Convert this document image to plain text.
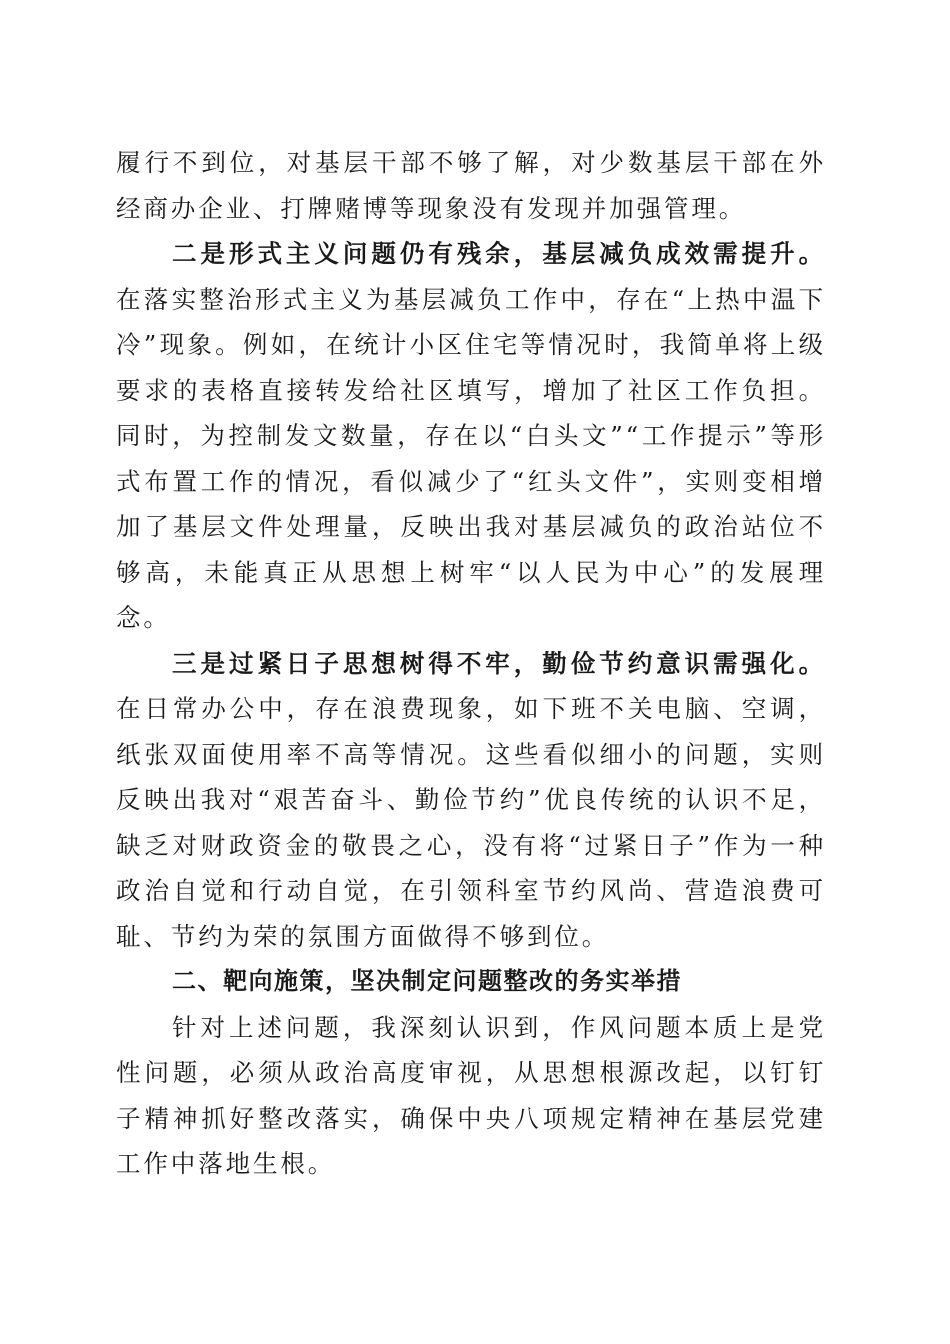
履行不到位，对基层干部不够了解，对少数基层干部在外经商办企业、打牌赌博等现象没有发现并加强管理。

二是形式主义问题仍有残余，基层减负成效需提升。在落实整治形式主义为基层减负工作中，存在“上热中温下冷”现象。例如，在统计小区住宅等情况时，我简单将上级要求的表格直接转发给社区填写，增加了社区工作负担。同时，为控制发文数量，存在以“白头文”“工作提示”等形式布置工作的情况，看似减少了“红头文件”，实则变相增加了基层文件处理量，反映出我对基层减负的政治站位不够高，未能真正从思想上树牢“以人民为中心”的发展理念。

三是过紧日子思想树得不牢，勤俭节约意识需强化。在日常办公中，存在浪费现象，如下班不关电脑、空调，纸张双面使用率不高等情况。这些看似细小的问题，实则反映出我对“艰苦奋斗、勤俭节约”优良传统的认识不足，缺乏对财政资金的敬畏之心，没有将“过紧日子”作为一种政治自觉和行动自觉，在引领科室节约风尚、营造浪费可耻、节约为荣的氛围方面做得不够到位。

二、靶向施策，坚决制定问题整改的务实举措

针对上述问题，我深刻认识到，作风问题本质上是党性问题，必须从政治高度审视，从思想根源改起，以钉钉子精神抓好整改落实，确保中央八项规定精神在基层党建工作中落地生根。
